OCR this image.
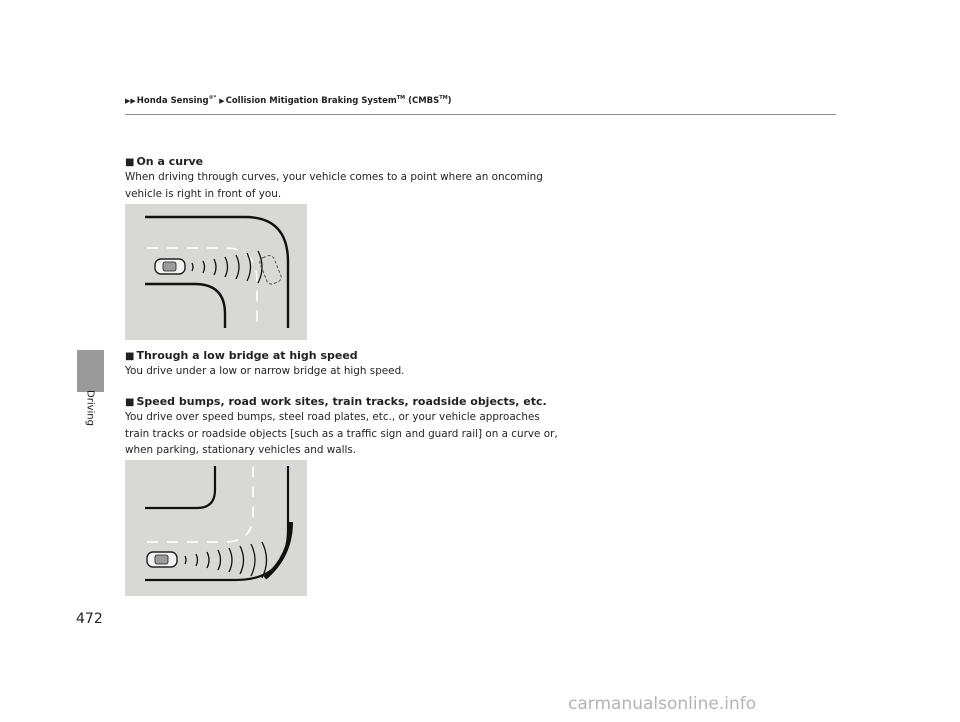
▶▶Honda Sensing®* ▶Collision Mitigation Braking System™ (CMBS™)
Driving
■ On a curve
When driving through curves, your vehicle comes to a point where an oncoming vehicle is right in front of you.
■ Through a low bridge at high speed
You drive under a low or narrow bridge at high speed.
■ Speed bumps, road work sites, train tracks, roadside objects, etc.
You drive over speed bumps, steel road plates, etc., or your vehicle approaches train tracks or roadside objects [such as a traffic sign and guard rail] on a curve or, when parking, stationary vehicles and walls.
472
carmanualsonline.info
